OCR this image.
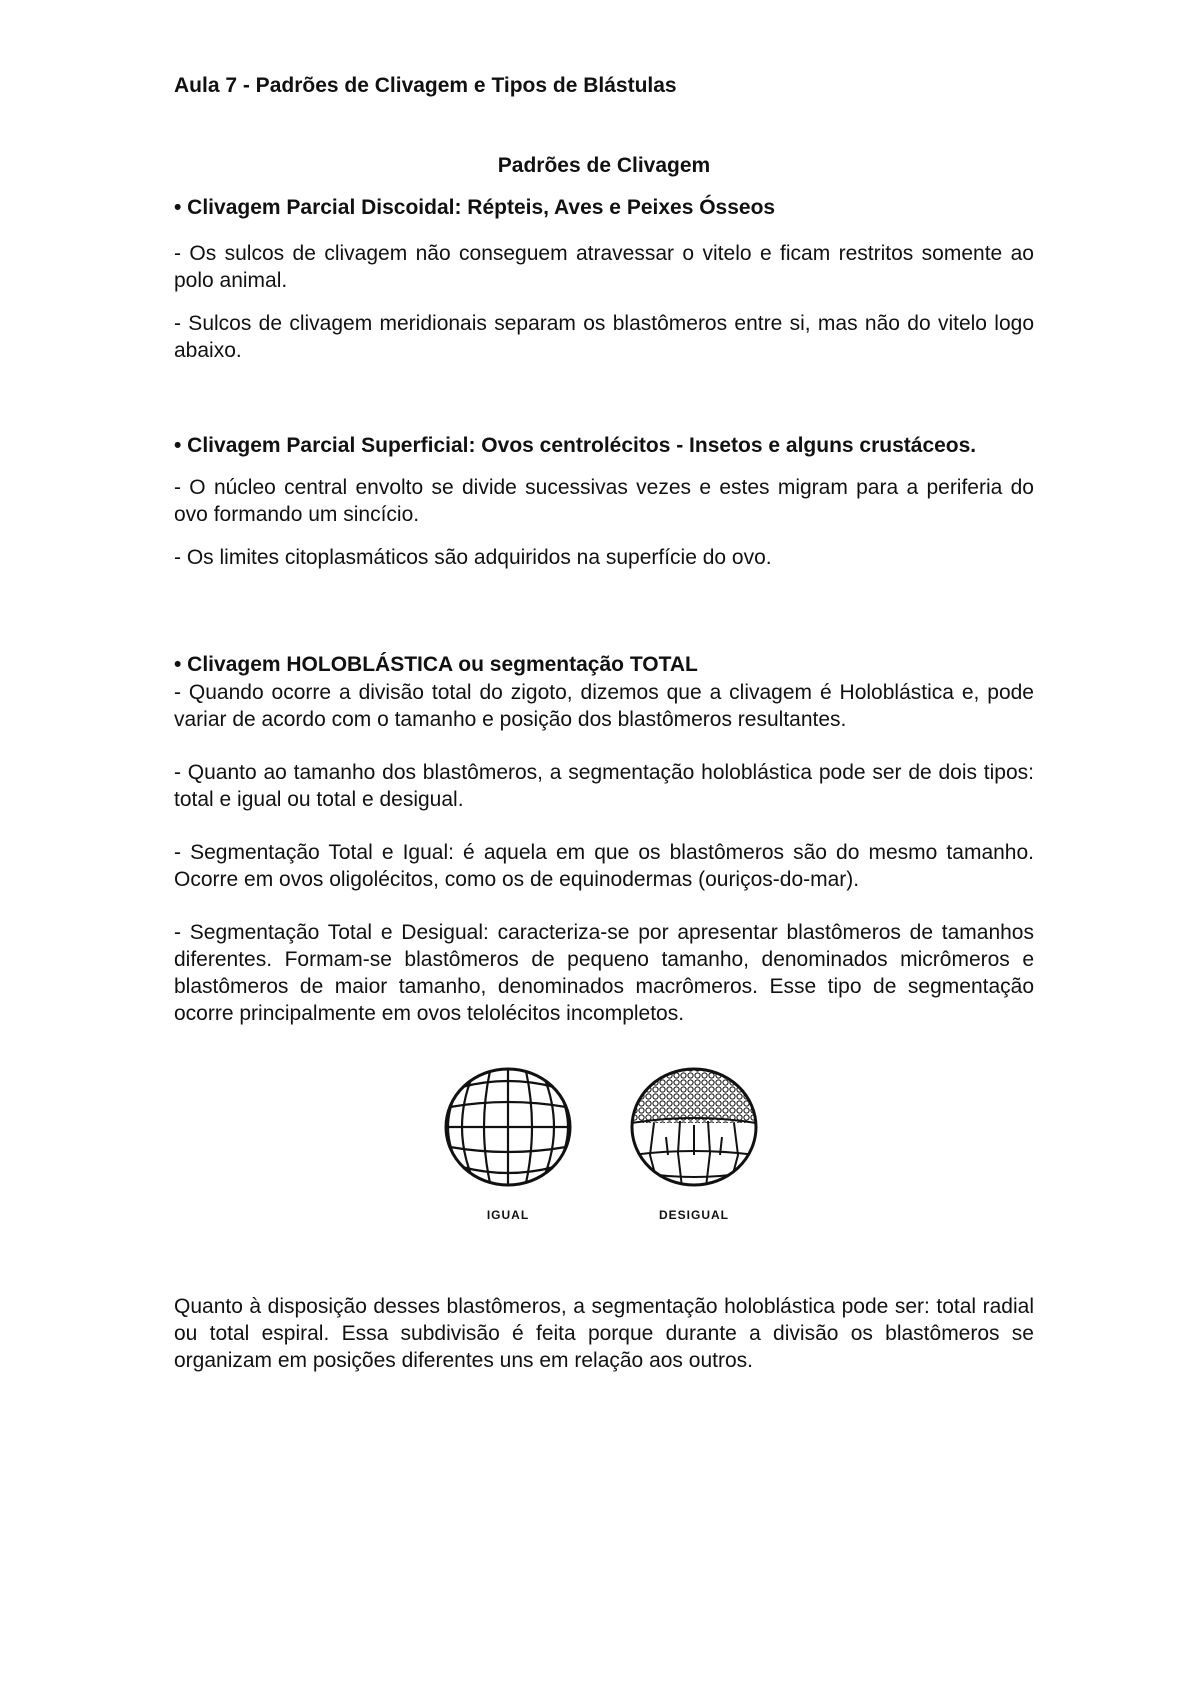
Aula 7 - Padrões de Clivagem e Tipos de Blástulas

Padrões de Clivagem

• Clivagem Parcial Discoidal: Répteis, Aves e Peixes Ósseos

- Os sulcos de clivagem não conseguem atravessar o vitelo e ficam restritos somente ao polo animal.

- Sulcos de clivagem meridionais separam os blastômeros entre si, mas não do vitelo logo abaixo.

• Clivagem Parcial Superficial: Ovos centrolécitos - Insetos e alguns crustáceos.

- O núcleo central envolto se divide sucessivas vezes e estes migram para a periferia do ovo formando um sincício.

- Os limites citoplasmáticos são adquiridos na superfície do ovo.

• Clivagem HOLOBLÁSTICA ou segmentação TOTAL

- Quando ocorre a divisão total do zigoto, dizemos que a clivagem é Holoblástica e, pode variar de acordo com o tamanho e posição dos blastômeros resultantes.

- Quanto ao tamanho dos blastômeros, a segmentação holoblástica pode ser de dois tipos: total e igual ou total e desigual.

- Segmentação Total e Igual: é aquela em que os blastômeros são do mesmo tamanho. Ocorre em ovos oligolécitos, como os de equinodermas (ouriços-do-mar).

- Segmentação Total e Desigual: caracteriza-se por apresentar blastômeros de tamanhos diferentes. Formam-se blastômeros de pequeno tamanho, denominados micrômeros e blastômeros de maior tamanho, denominados macrômeros. Esse tipo de segmentação ocorre principalmente em ovos telolécitos incompletos.

IGUAL	DESIGUAL

Quanto à disposição desses blastômeros, a segmentação holoblástica pode ser: total radial ou total espiral. Essa subdivisão é feita porque durante a divisão os blastômeros se organizam em posições diferentes uns em relação aos outros.
